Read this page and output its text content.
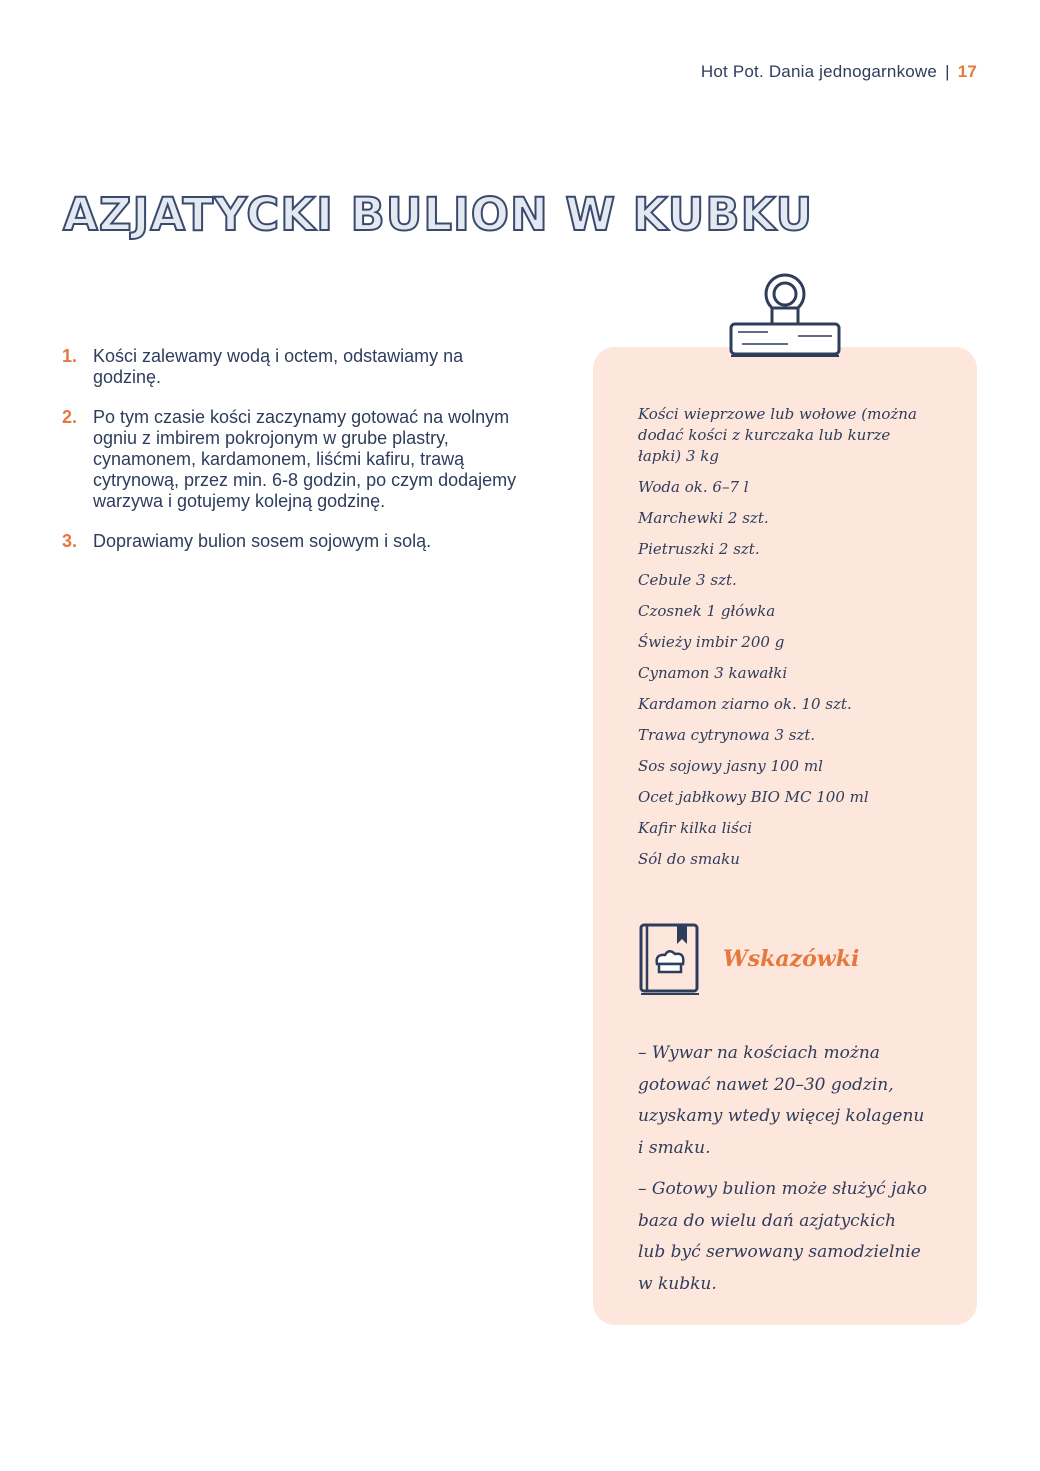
Hot Pot. Dania jednogarnkowe | 17
AZJATYCKI BULION W KUBKU
1. Kości zalewamy wodą i octem, odstawiamy na godzinę.
2. Po tym czasie kości zaczynamy gotować na wolnym ogniu z imbirem pokrojonym w grube plastry, cynamonem, kardamonem, liśćmi kafiru, trawą cytrynową, przez min. 6-8 godzin, po czym dodajemy warzywa i gotujemy kolejną godzinę.
3. Doprawiamy bulion sosem sojowym i solą.
Kości wieprzowe lub wołowe (można dodać kości z kurczaka lub kurze łapki) 3 kg
Woda ok. 6–7 l
Marchewki 2 szt.
Pietruszki 2 szt.
Cebule 3 szt.
Czosnek 1 główka
Świeży imbir 200 g
Cynamon 3 kawałki
Kardamon ziarno ok. 10 szt.
Trawa cytrynowa 3 szt.
Sos sojowy jasny 100 ml
Ocet jabłkowy BIO MC 100 ml
Kafir kilka liści
Sól do smaku
Wskazówki
– Wywar na kościach można gotować nawet 20–30 godzin, uzyskamy wtedy więcej kolagenu i smaku.
– Gotowy bulion może służyć jako baza do wielu dań azjatyckich lub być serwowany samodzielnie w kubku.
